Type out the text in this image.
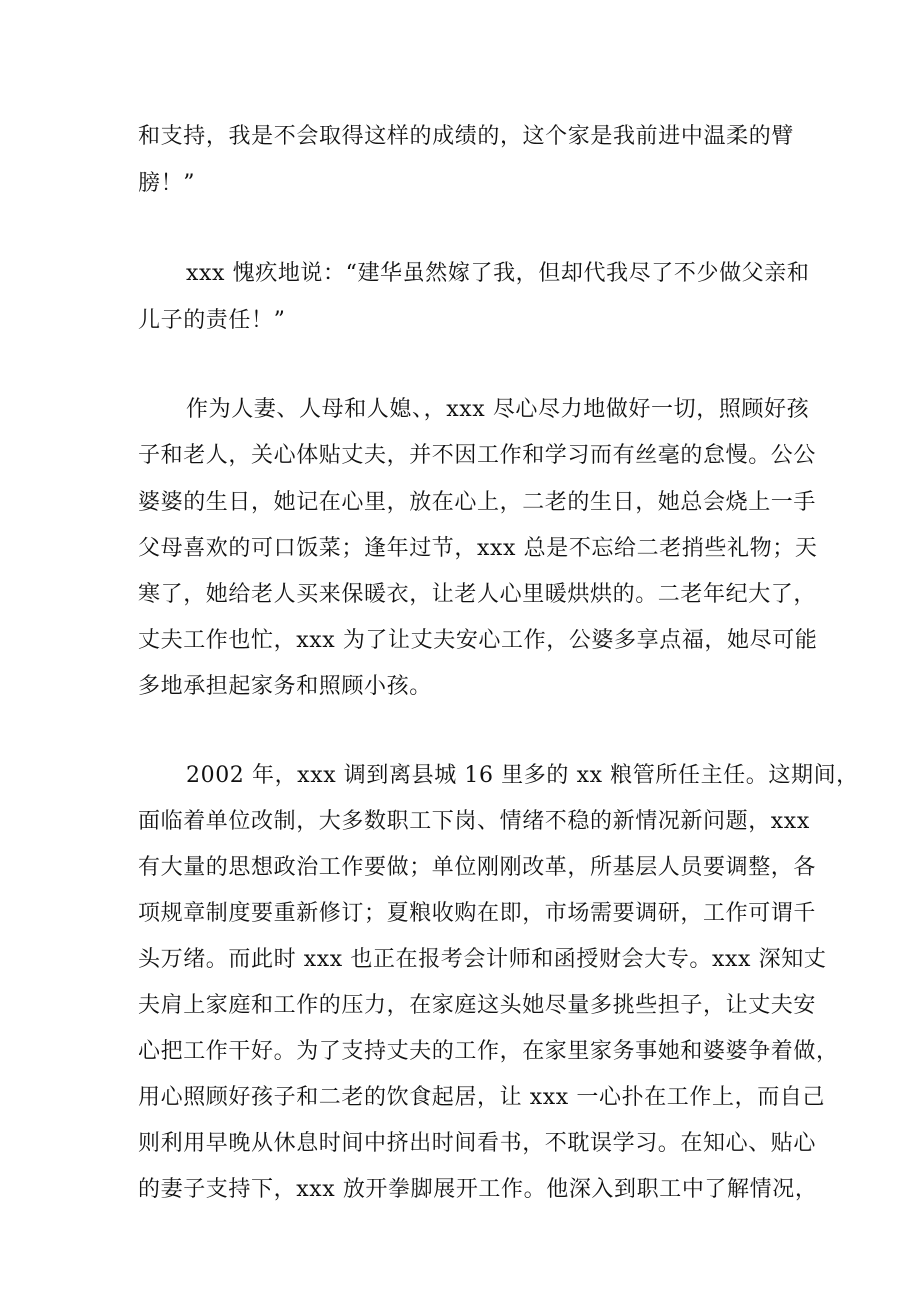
和支持，我是不会取得这样的成绩的，这个家是我前进中温柔的臂
膀！”
xxx 愧疚地说：“建华虽然嫁了我，但却代我尽了不少做父亲和
儿子的责任！”
作为人妻、人母和人媳、，xxx 尽心尽力地做好一切，照顾好孩
子和老人，关心体贴丈夫，并不因工作和学习而有丝毫的怠慢。公公
婆婆的生日，她记在心里，放在心上，二老的生日，她总会烧上一手
父母喜欢的可口饭菜；逢年过节，xxx 总是不忘给二老捎些礼物；天
寒了，她给老人买来保暖衣，让老人心里暖烘烘的。二老年纪大了，
丈夫工作也忙，xxx 为了让丈夫安心工作，公婆多享点福，她尽可能
多地承担起家务和照顾小孩。
2002 年，xxx 调到离县城 16 里多的 xx 粮管所任主任。这期间，
面临着单位改制，大多数职工下岗、情绪不稳的新情况新问题，xxx
有大量的思想政治工作要做；单位刚刚改革，所基层人员要调整，各
项规章制度要重新修订；夏粮收购在即，市场需要调研，工作可谓千
头万绪。而此时 xxx 也正在报考会计师和函授财会大专。xxx 深知丈
夫肩上家庭和工作的压力，在家庭这头她尽量多挑些担子，让丈夫安
心把工作干好。为了支持丈夫的工作，在家里家务事她和婆婆争着做，
用心照顾好孩子和二老的饮食起居，让 xxx 一心扑在工作上，而自己
则利用早晚从休息时间中挤出时间看书，不耽误学习。在知心、贴心
的妻子支持下，xxx 放开拳脚展开工作。他深入到职工中了解情况，
